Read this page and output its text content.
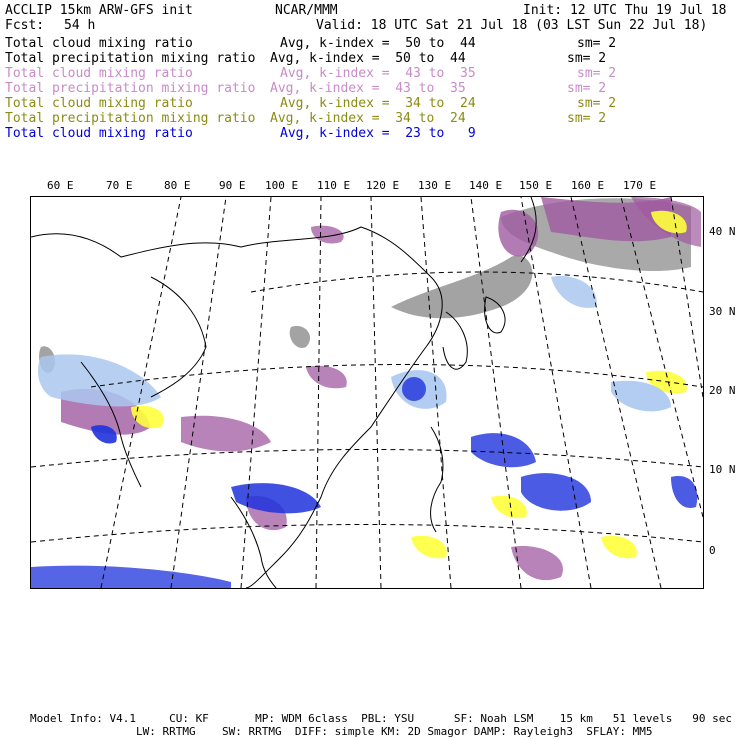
ACCLIP 15km ARW-GFS init	NCAR/MMM	Init: 12 UTC Thu 19 Jul 18
Fcst: 54 h	Valid: 18 UTC Sat 21 Jul 18 (03 LST Sun 22 Jul 18)
Total cloud mixing ratio	Avg, k-index =  50 to  44	sm= 2
Total precipitation mixing ratio Avg, k-index =  50 to  44	sm= 2
Total cloud mixing ratio	Avg, k-index =  43 to  35	sm= 2
Total precipitation mixing ratio Avg, k-index =  43 to  35	sm= 2
Total cloud mixing ratio	Avg, k-index =  34 to  24	sm= 2
Total precipitation mixing ratio Avg, k-index =  34 to  24	sm= 2
Total cloud mixing ratio	Avg, k-index =  23 to   9
60 E	70 E	80 E	90 E 100 E 110 E 120 E 130 E 140 E 150 E 160 E 170 E
40 N
30 N
20 N
10 N
0
Model Info: V4.1     CU: KF       MP: WDM 6class  PBL: YSU      SF: Noah LSM    15 km   51 levels   90 sec
LW: RRTMG    SW: RRTMG  DIFF: simple KM: 2D Smagor DAMP: Rayleigh3  SFLAY: MM5
